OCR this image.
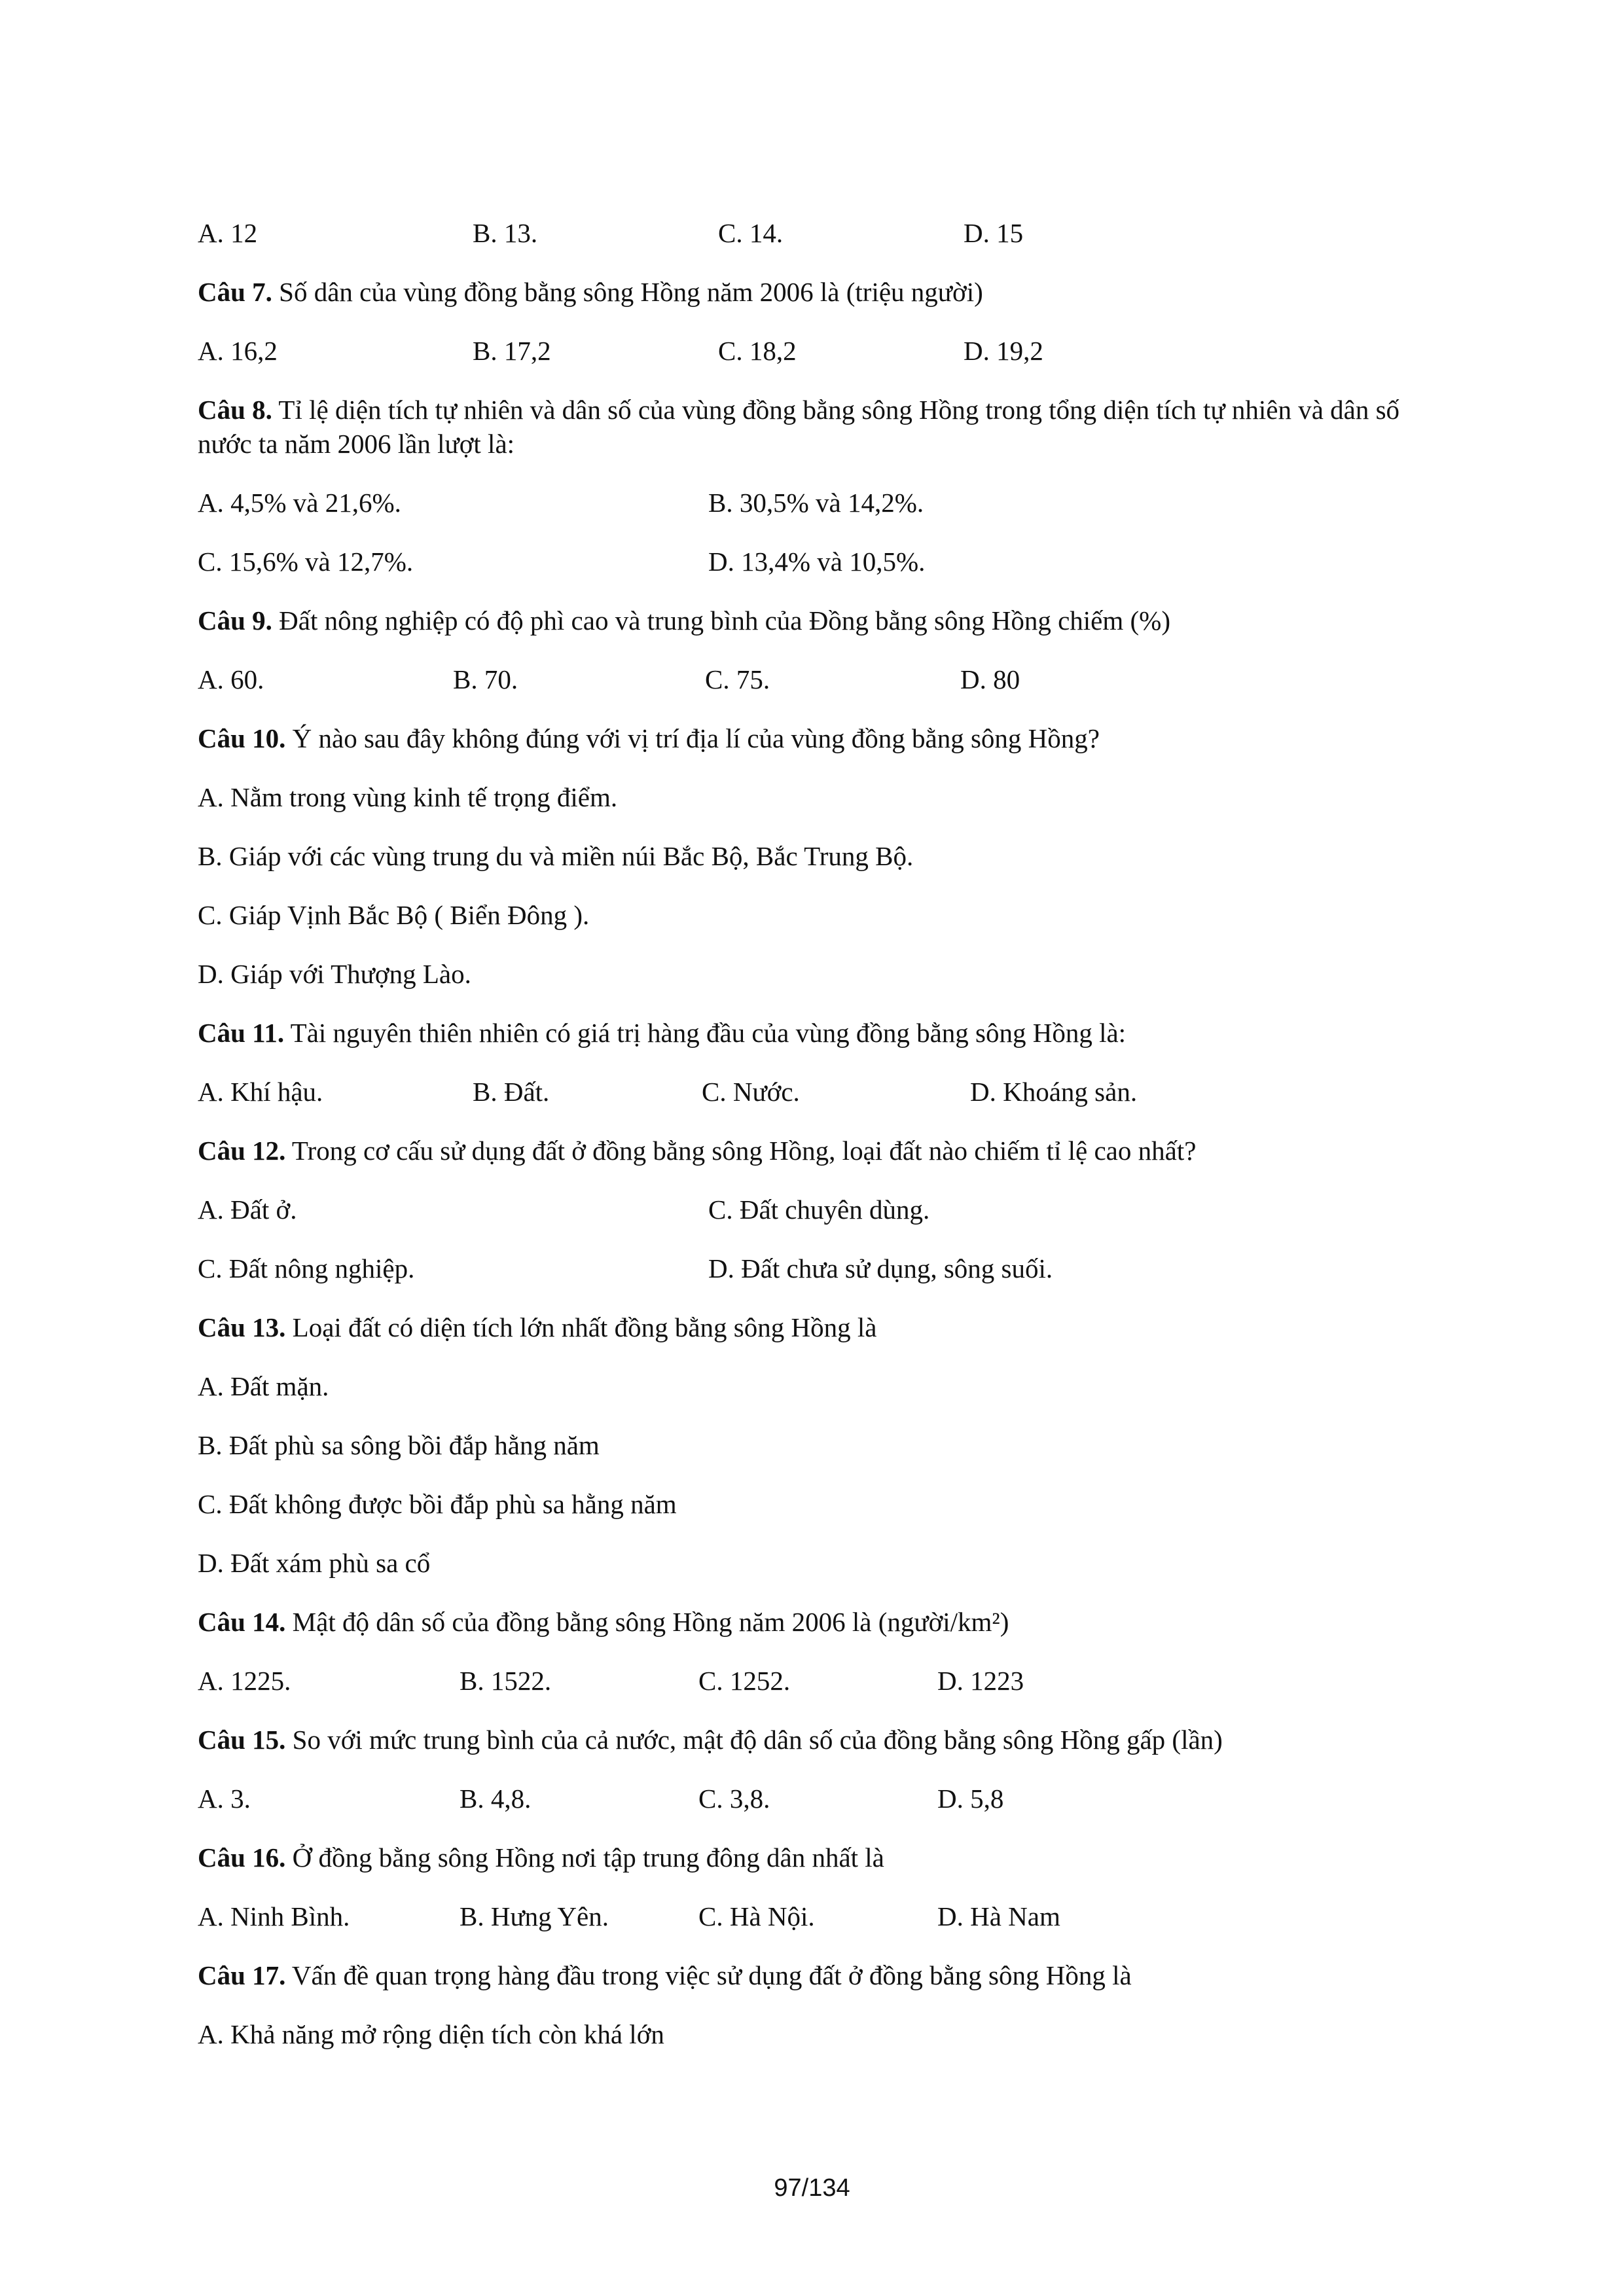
A. 12	B. 13.	C. 14.	D. 15
Câu 7. Số dân của vùng đồng bằng sông Hồng năm 2006 là (triệu người)
A. 16,2	B. 17,2	C. 18,2	D. 19,2
Câu 8. Tỉ lệ diện tích tự nhiên và dân số của vùng đồng bằng sông Hồng trong tổng diện tích tự nhiên và dân số nước ta năm 2006 lần lượt là:
A. 4,5% và 21,6%.	B. 30,5% và 14,2%.
C. 15,6% và 12,7%.	D. 13,4% và 10,5%.
Câu 9. Đất nông nghiệp có độ phì cao và trung bình của Đồng bằng sông Hồng chiếm (%)
A. 60.	B. 70.	C. 75.	D. 80
Câu 10. Ý nào sau đây không đúng với vị trí địa lí của vùng đồng bằng sông Hồng?
A. Nằm trong vùng kinh tế trọng điểm.
B. Giáp với các vùng trung du và miền núi Bắc Bộ, Bắc Trung Bộ.
C. Giáp Vịnh Bắc Bộ ( Biển Đông ).
D. Giáp với Thượng Lào.
Câu 11. Tài nguyên thiên nhiên có giá trị hàng đầu của vùng đồng bằng sông Hồng là:
A. Khí hậu.	B. Đất.	C. Nước.	D. Khoáng sản.
Câu 12. Trong cơ cấu sử dụng đất ở đồng bằng sông Hồng, loại đất nào chiếm tỉ lệ cao nhất?
A. Đất ở.	C. Đất chuyên dùng.
C. Đất nông nghiệp.	D. Đất chưa sử dụng, sông suối.
Câu 13. Loại đất có diện tích lớn nhất đồng bằng sông Hồng là
A. Đất mặn.
B. Đất phù sa sông bồi đắp hằng năm
C. Đất không được bồi đắp phù sa hằng năm
D. Đất xám phù sa cổ
Câu 14. Mật độ dân số của đồng bằng sông Hồng năm 2006 là (người/km²)
A. 1225.	B. 1522.	C. 1252.	D. 1223
Câu 15. So với mức trung bình của cả nước, mật độ dân số của đồng bằng sông Hồng gấp (lần)
A. 3.	B. 4,8.	C. 3,8.	D. 5,8
Câu 16. Ở đồng bằng sông Hồng nơi tập trung đông dân nhất là
A. Ninh Bình.	B. Hưng Yên.	C. Hà Nội.	D. Hà Nam
Câu 17. Vấn đề quan trọng hàng đầu trong việc sử dụng đất ở đồng bằng sông Hồng là
A. Khả năng mở rộng diện tích còn khá lớn
97/134
